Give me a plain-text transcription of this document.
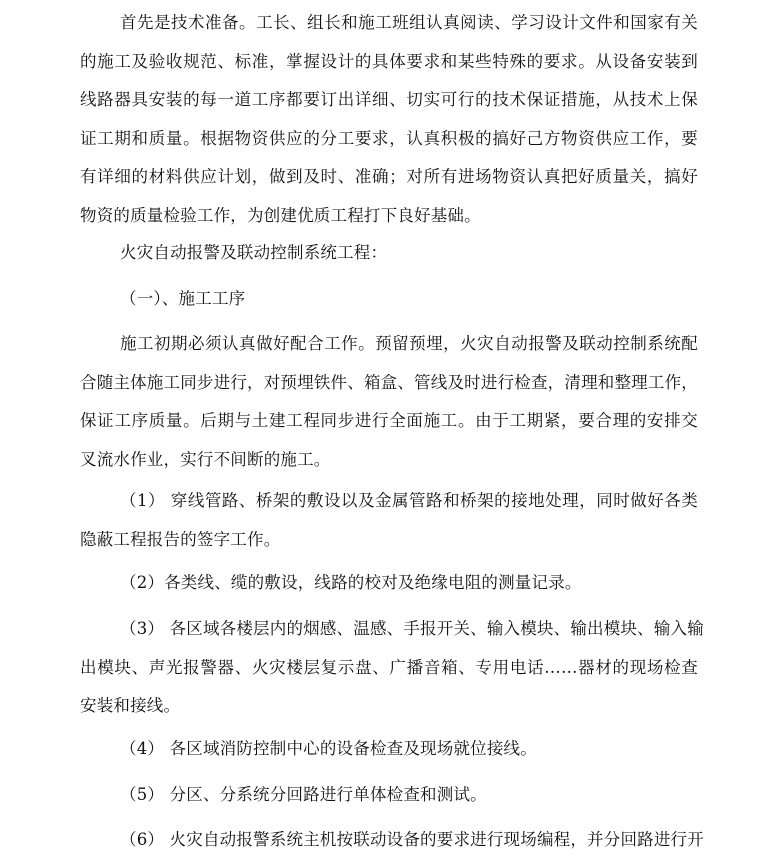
首先是技术准备。工长、组长和施工班组认真阅读、学习设计文件和国家有关
的施工及验收规范、标准，掌握设计的具体要求和某些特殊的要求。从设备安装到
线路器具安装的每一道工序都要订出详细、切实可行的技术保证措施，从技术上保
证工期和质量。根据物资供应的分工要求，认真积极的搞好己方物资供应工作，要
有详细的材料供应计划，做到及时、准确；对所有进场物资认真把好质量关，搞好
物资的质量检验工作，为创建优质工程打下良好基础。
火灾自动报警及联动控制系统工程：
（一）、施工工序
施工初期必须认真做好配合工作。预留预埋，火灾自动报警及联动控制系统配
合随主体施工同步进行，对预埋铁件、箱盒、管线及时进行检查，清理和整理工作，
保证工序质量。后期与土建工程同步进行全面施工。由于工期紧，要合理的安排交
叉流水作业，实行不间断的施工。
（1） 穿线管路、桥架的敷设以及金属管路和桥架的接地处理，同时做好各类
隐蔽工程报告的签字工作。
（2）各类线、缆的敷设，线路的校对及绝缘电阻的测量记录。
（3） 各区域各楼层内的烟感、温感、手报开关、输入模块、输出模块、输入输
出模块、声光报警器、火灾楼层复示盘、广播音箱、专用电话……器材的现场检查
安装和接线。
（4） 各区域消防控制中心的设备检查及现场就位接线。
（5） 分区、分系统分回路进行单体检查和测试。
（6） 火灾自动报警系统主机按联动设备的要求进行现场编程，并分回路进行开
